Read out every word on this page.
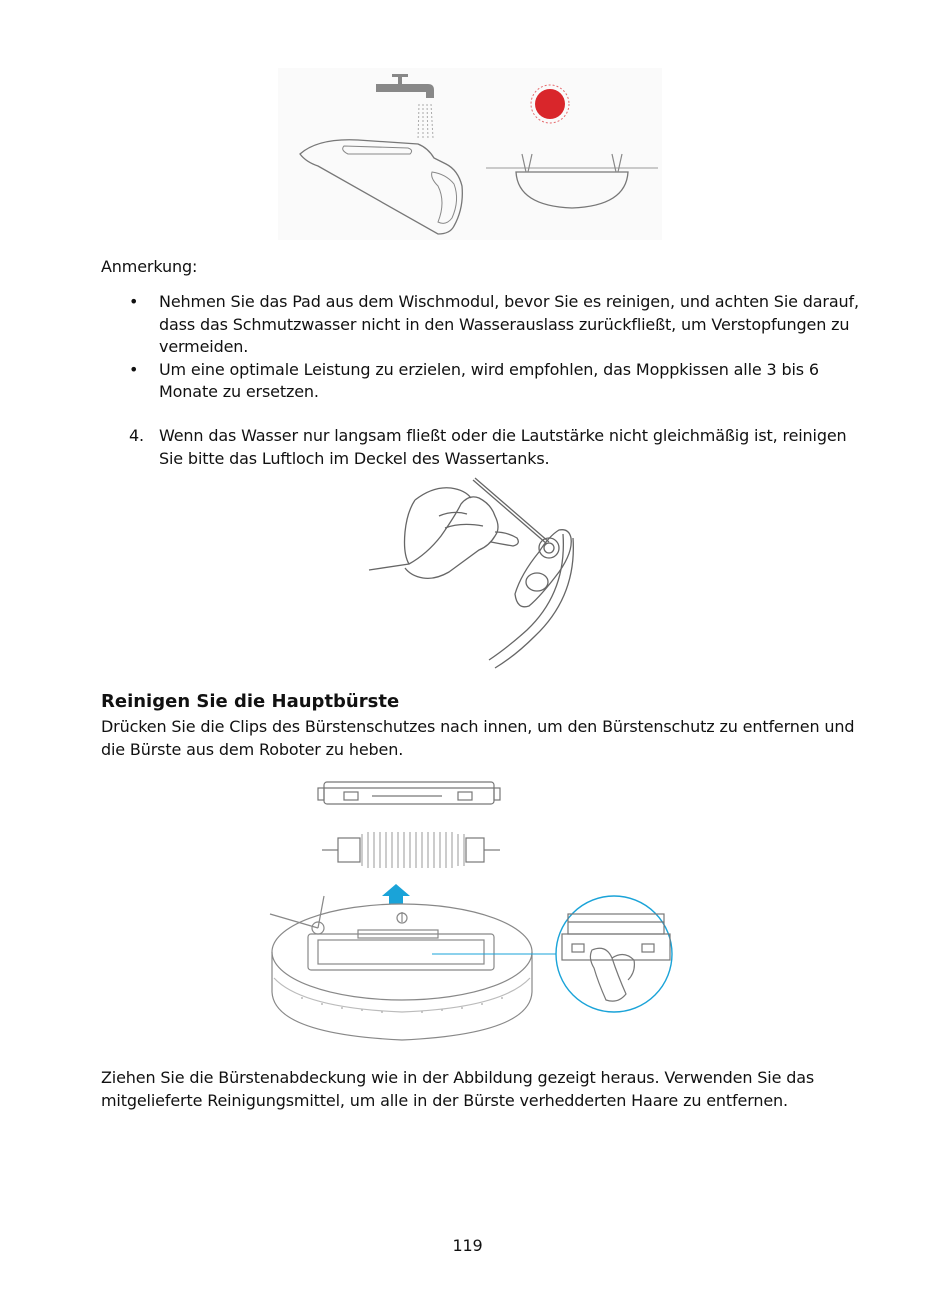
Anmerkung:
• Nehmen Sie das Pad aus dem Wischmodul, bevor Sie es reinigen, und achten Sie darauf, dass das Schmutzwasser nicht in den Wasserauslass zurückfließt, um Verstopfungen zu vermeiden.
• Um eine optimale Leistung zu erzielen, wird empfohlen, das Moppkissen alle 3 bis 6 Monate zu ersetzen.
4. Wenn das Wasser nur langsam fließt oder die Lautstärke nicht gleichmäßig ist, reinigen Sie bitte das Luftloch im Deckel des Wassertanks.
Reinigen Sie die Hauptbürste
Drücken Sie die Clips des Bürstenschutzes nach innen, um den Bürstenschutz zu entfernen und die Bürste aus dem Roboter zu heben.
Ziehen Sie die Bürstenabdeckung wie in der Abbildung gezeigt heraus. Verwenden Sie das mitgelieferte Reinigungsmittel, um alle in der Bürste verhedderten Haare zu entfernen.
119
